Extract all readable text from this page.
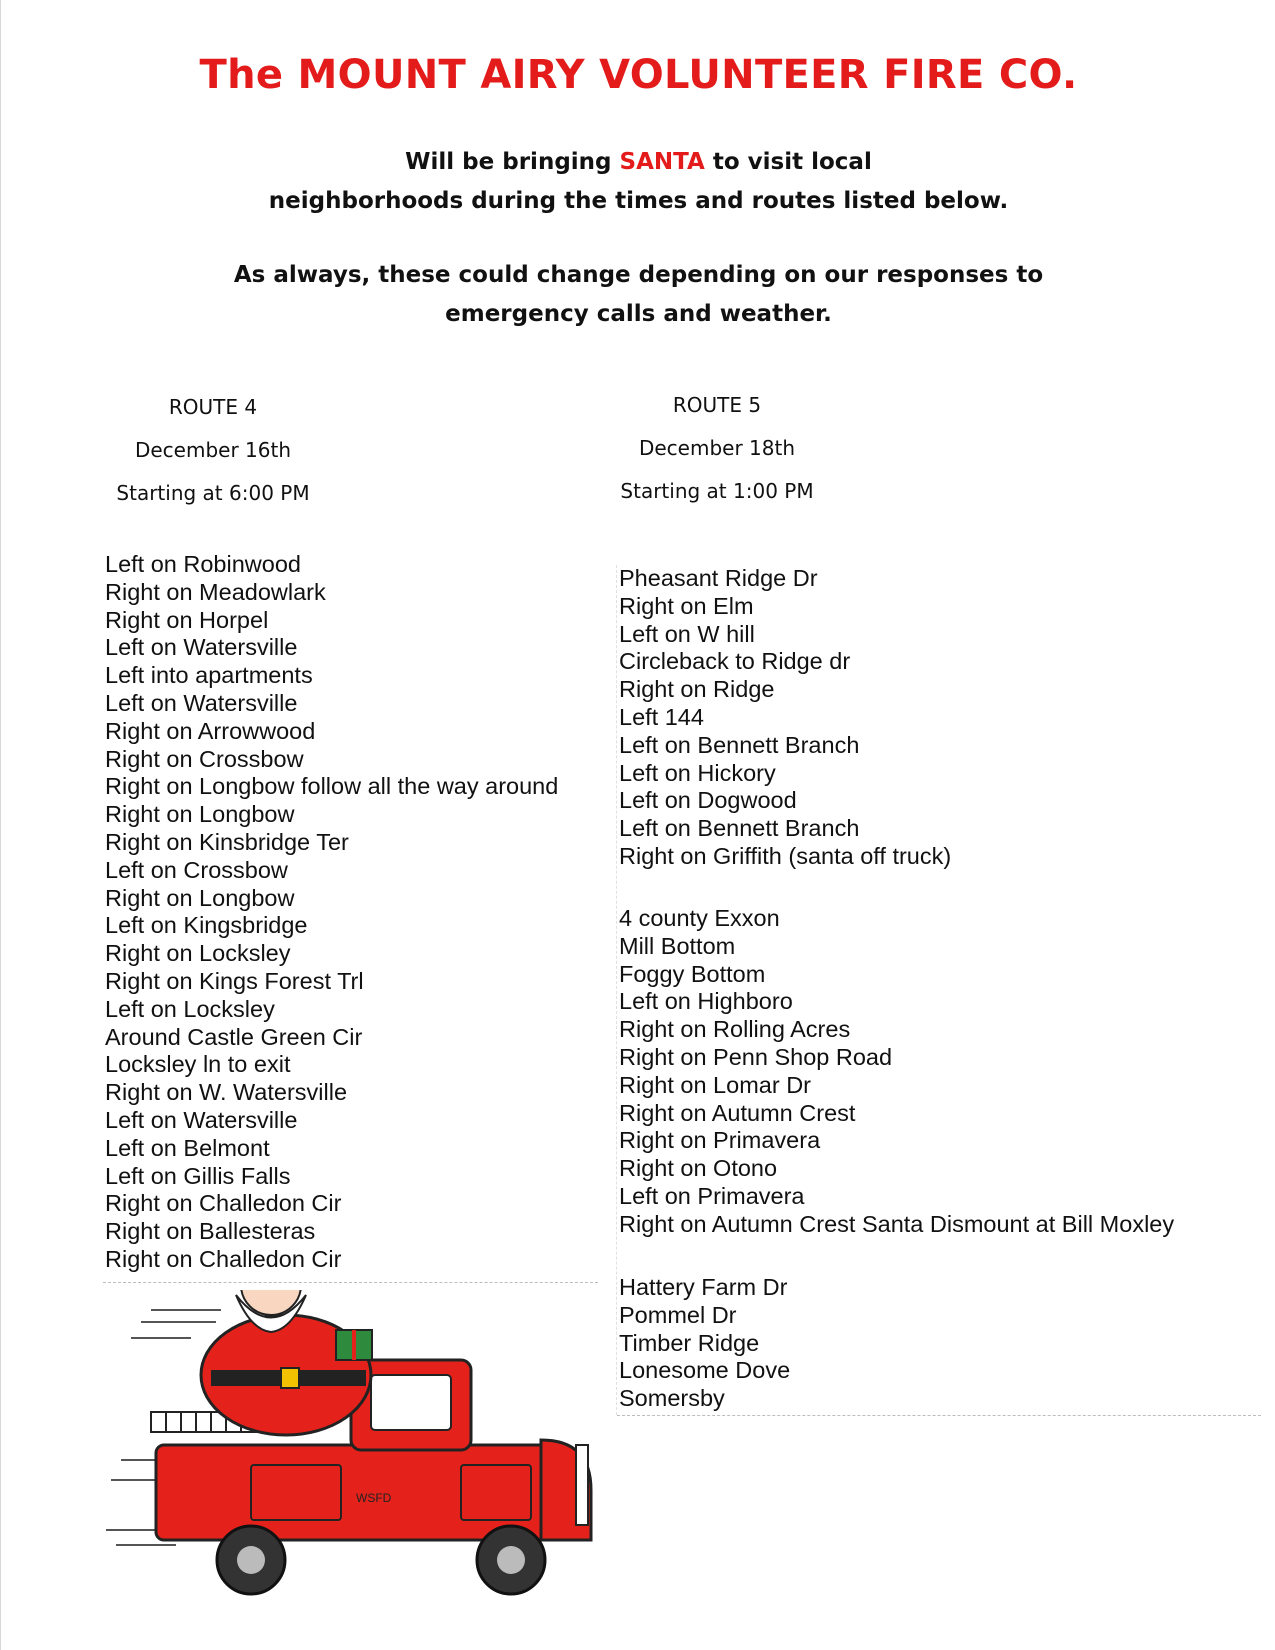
The MOUNT AIRY VOLUNTEER FIRE CO.
Will be bringing SANTA to visit local
neighborhoods during the times and routes listed below.
As always, these could change depending on our responses to
emergency calls and weather.
ROUTE 4
December 16th
Starting at 6:00 PM
ROUTE 5
December 18th
Starting at 1:00 PM
Left on Robinwood
Right on Meadowlark
Right on Horpel
Left on Watersville
Left into apartments
Left on Watersville
Right on Arrowwood
Right on Crossbow
Right on Longbow follow all the way around
Right on Longbow
Right on Kinsbridge Ter
Left on Crossbow
Right on Longbow
Left on Kingsbridge
Right on Locksley
Right on Kings Forest Trl
Left on Locksley
Around Castle Green Cir
Locksley ln to exit
Right on W. Watersville
Left on Watersville
Left on Belmont
Left on Gillis Falls
Right on Challedon Cir
Right on Ballesteras
Right on Challedon Cir
Pheasant Ridge Dr
Right on Elm
Left on W hill
Circleback to Ridge dr
Right on Ridge
Left 144
Left on Bennett Branch
Left on Hickory
Left on Dogwood
Left on Bennett Branch
Right on Griffith (santa off truck)
4 county Exxon
Mill Bottom
Foggy Bottom
Left on Highboro
Right on Rolling Acres
Right on Penn Shop Road
Right on Lomar Dr
Right on Autumn Crest
Right on Primavera
Right on Otono
Left on Primavera
Right on Autumn Crest Santa Dismount at Bill Moxley
Hattery Farm Dr
Pommel Dr
Timber Ridge
Lonesome Dove
Somersby
WSFD
